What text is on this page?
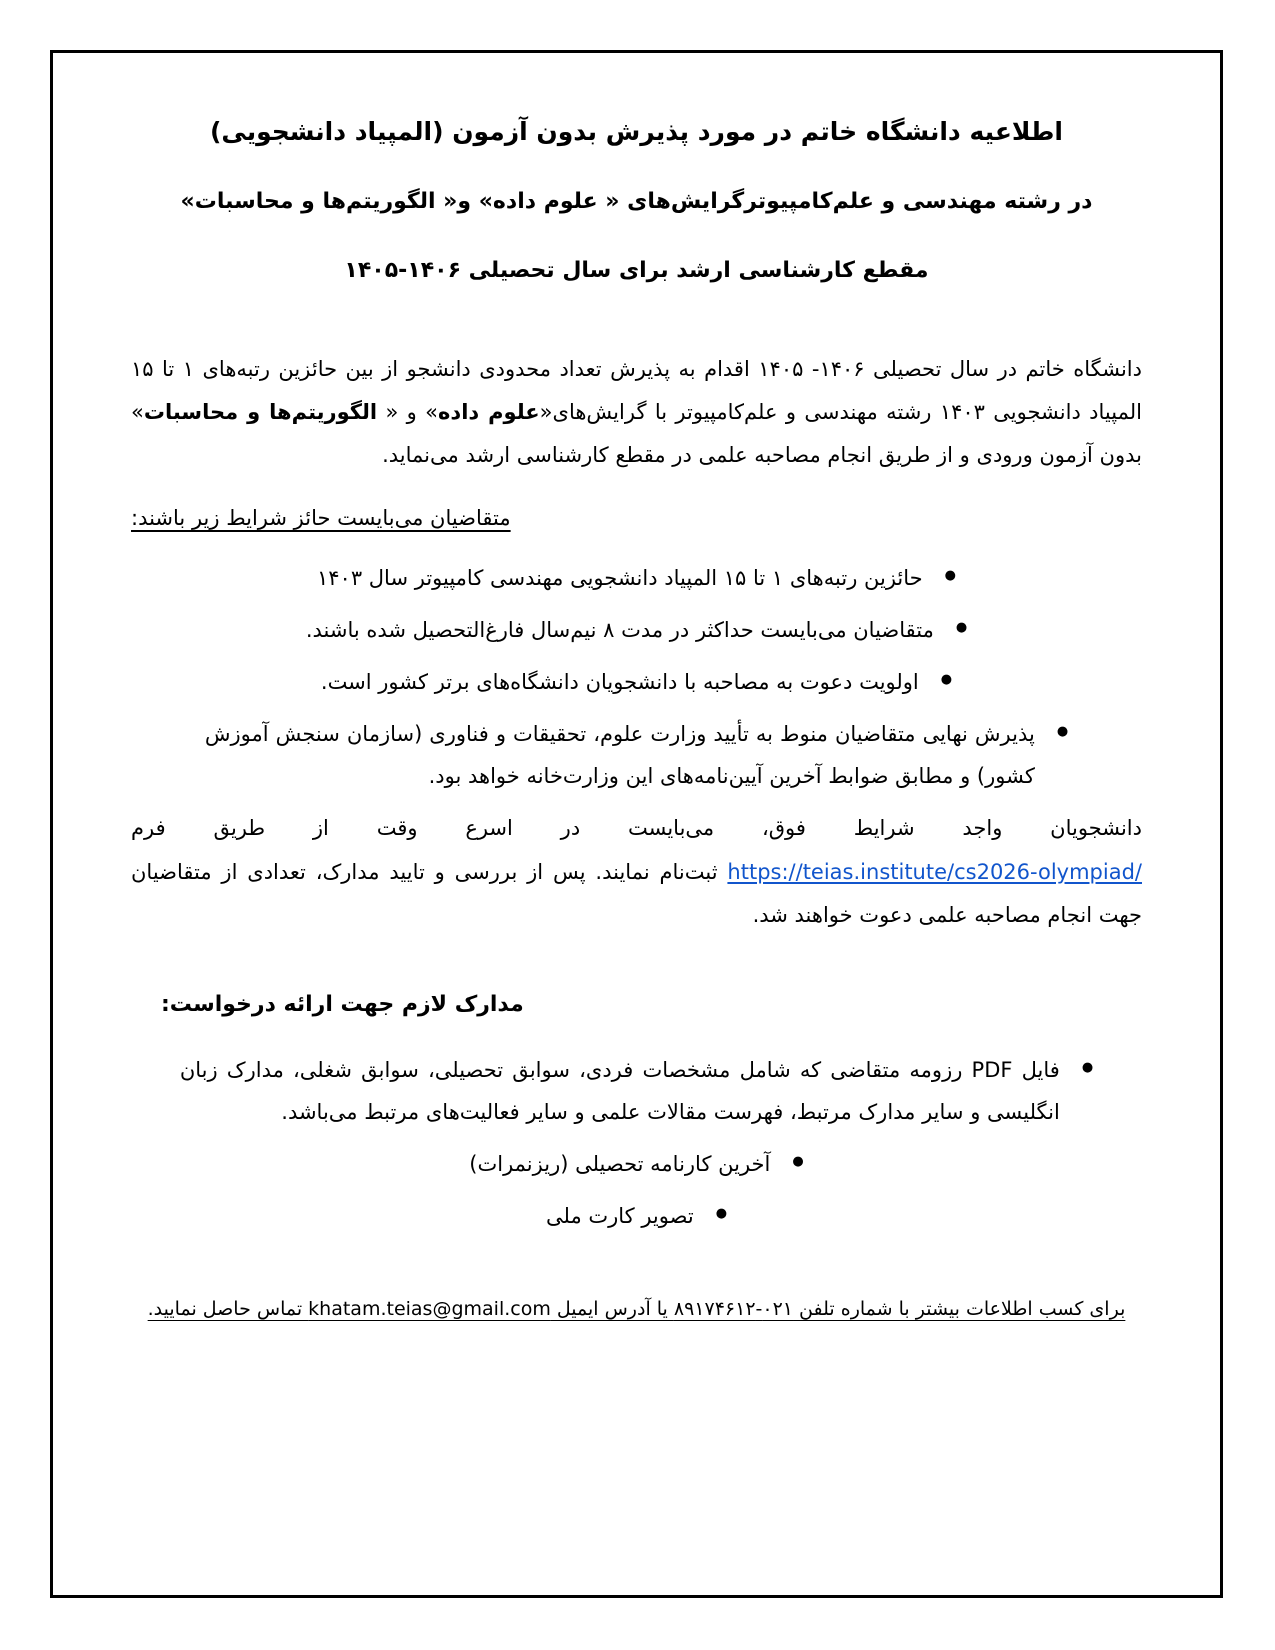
اطلاعیه دانشگاه خاتم در مورد پذیرش بدون آزمون (المپیاد دانشجویی)
در رشته مهندسی و علم‌کامپیوترگرایش‌های « علوم داده» و« الگوریتم‌ها و محاسبات»
مقطع کارشناسی ارشد برای سال تحصیلی ۱۴۰۶-۱۴۰۵

دانشگاه خاتم در سال تحصیلی ۱۴۰۶- ۱۴۰۵ اقدام به پذیرش تعداد محدودی دانشجو از بین حائزین رتبه‌های ۱ تا ۱۵ المپیاد دانشجویی ۱۴۰۳ رشته مهندسی و علم‌کامپیوتر با گرایش‌های«علوم داده» و « الگوریتم‌ها و محاسبات» بدون آزمون ورودی و از طریق انجام مصاحبه علمی در مقطع کارشناسی ارشد می‌نماید.

متقاضیان می‌بایست حائز شرایط زیر باشند:
●
حائزین رتبه‌های ۱ تا ۱۵ المپیاد دانشجویی مهندسی کامپیوتر سال ۱۴۰۳
●
متقاضیان می‌بایست حداکثر در مدت ۸ نیم‌سال فارغ‌التحصیل شده باشند.
●
اولویت دعوت به مصاحبه با دانشجویان دانشگاه‌های برتر کشور است.
●
پذیرش نهایی متقاضیان منوط به تأیید وزارت علوم، تحقیقات و فناوری (سازمان سنجش آموزش کشور) و مطابق ضوابط آخرین آیین‌نامه‌های این وزارت‌خانه خواهد بود.

دانشجویان واجد شرایط فوق، می‌بایست در اسرع وقت از طریق فرم https://teias.institute/cs2026-olympiad/ ثبت‌نام نمایند. پس از بررسی و تایید مدارک، تعدادی از متقاضیان جهت انجام مصاحبه علمی دعوت خواهند شد.

مدارک لازم جهت ارائه درخواست:
●
فایل PDF رزومه متقاضی که شامل مشخصات فردی، سوابق تحصیلی، سوابق شغلی، مدارک زبان انگلیسی و سایر مدارک مرتبط، فهرست مقالات علمی و سایر فعالیت‌های مرتبط می‌باشد.
●
آخرین کارنامه تحصیلی (ریزنمرات)
●
تصویر کارت ملی
برای کسب اطلاعات بیشتر با شماره تلفن ۰۲۱-۸۹۱۷۴۶۱۲ یا آدرس ایمیل khatam.teias@gmail.com تماس حاصل نمایید.
